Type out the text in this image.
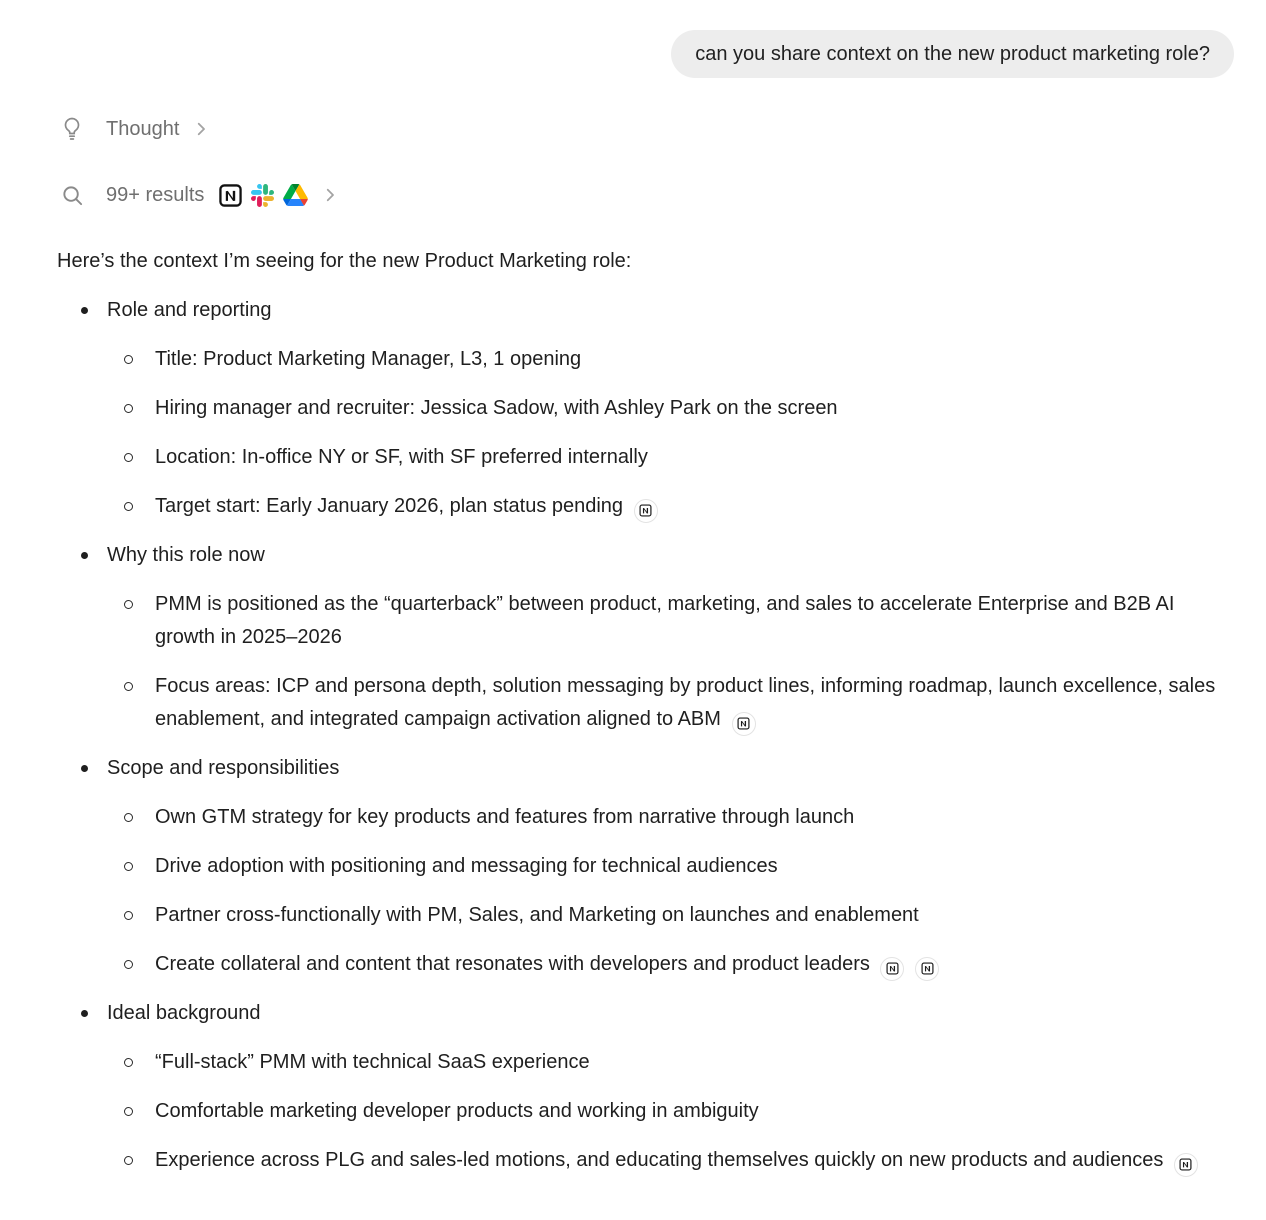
can you share context on the new product marketing role?
Thought
99+ results

Here’s the context I’m seeing for the new Product Marketing role:

Role and reporting

Title: Product Marketing Manager, L3, 1 opening

Hiring manager and recruiter: Jessica Sadow, with Ashley Park on the screen

Location: In-office NY or SF, with SF preferred internally

Target start: Early January 2026, plan status pending

Why this role now

PMM is positioned as the “quarterback” between product, marketing, and sales to accelerate Enterprise and B2B AI growth in 2025–2026

Focus areas: ICP and persona depth, solution messaging by product lines, informing roadmap, launch excellence, sales enablement, and integrated campaign activation aligned to ABM

Scope and responsibilities

Own GTM strategy for key products and features from narrative through launch

Drive adoption with positioning and messaging for technical audiences

Partner cross-functionally with PM, Sales, and Marketing on launches and enablement

Create collateral and content that resonates with developers and product leaders

Ideal background

“Full-stack” PMM with technical SaaS experience

Comfortable marketing developer products and working in ambiguity

Experience across PLG and sales-led motions, and educating themselves quickly on new products and audiences
